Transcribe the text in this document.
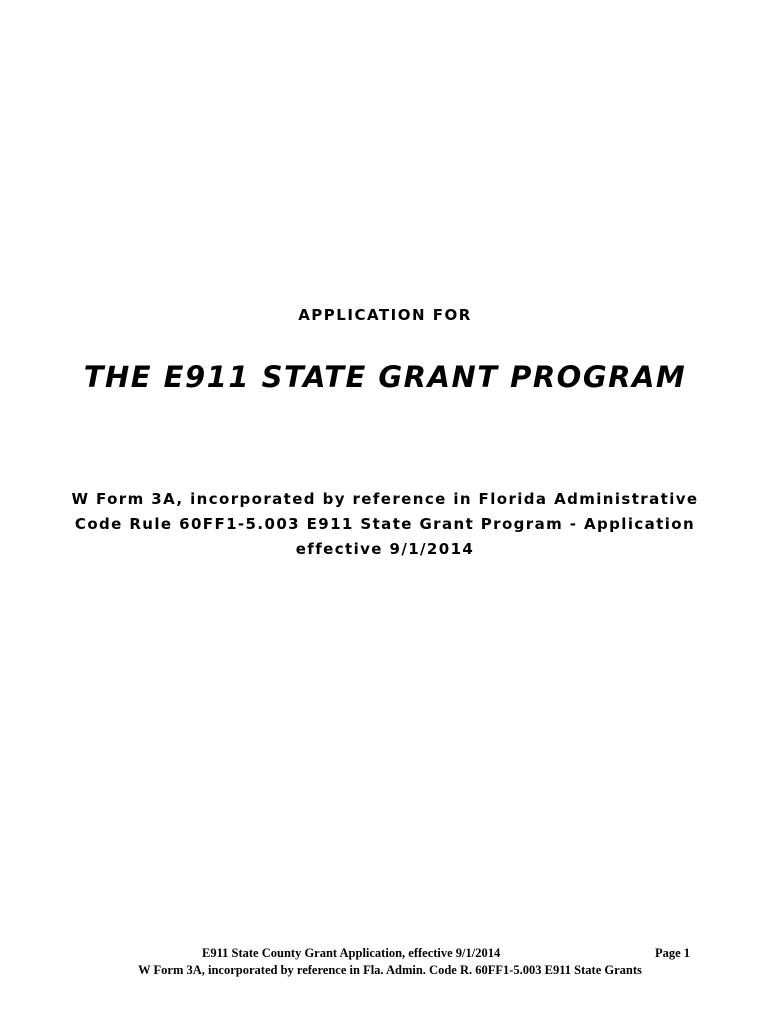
APPLICATION FOR
THE E911 STATE GRANT PROGRAM
W Form 3A, incorporated by reference in Florida Administrative
Code Rule 60FF1-5.003 E911 State Grant Program - Application
effective 9/1/2014
E911 State County Grant Application, effective 9/1/2014	Page 1
W Form 3A, incorporated by reference in Fla. Admin. Code R. 60FF1-5.003 E911 State Grants
